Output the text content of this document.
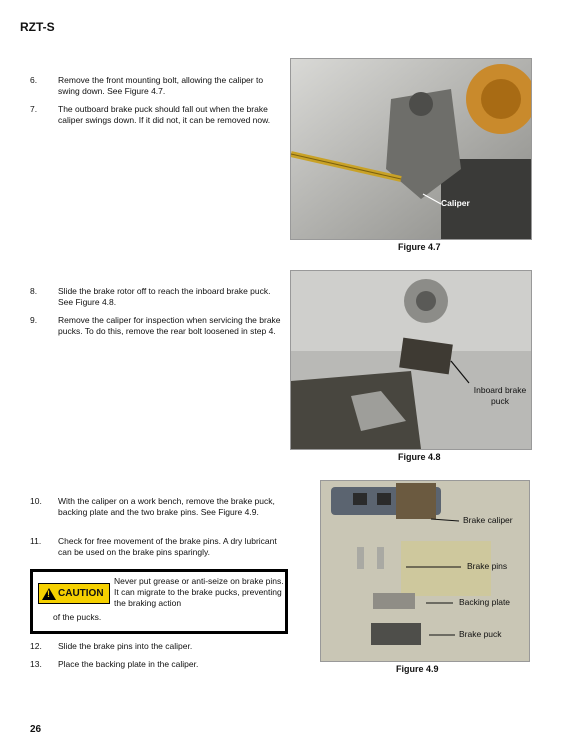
RZT-S
6. Remove the front mounting bolt, allowing the caliper to swing down. See Figure 4.7.
7. The outboard brake puck should fall out when the brake caliper swings down. If it did not, it can be removed now.
Caliper
Figure 4.7
8. Slide the brake rotor off to reach the inboard brake puck. See Figure 4.8.
9. Remove the caliper for inspection when servicing the brake pucks. To do this, remove the rear bolt loosened in step 4.
Inboard brake puck
Figure 4.8
10. With the caliper on a work bench, remove the brake puck, backing plate and the two brake pins. See Figure 4.9.
11. Check for free movement of the brake pins. A dry lubricant can be used on the brake pins sparingly.
!
CAUTION
Never put grease or anti-seize on brake pins. It can migrate to the brake pucks, preventing the braking action
of the pucks.
12. Slide the brake pins into the caliper.
13. Place the backing plate in the caliper.
Brake caliper
Brake pins
Backing plate
Brake puck
Figure 4.9
26
